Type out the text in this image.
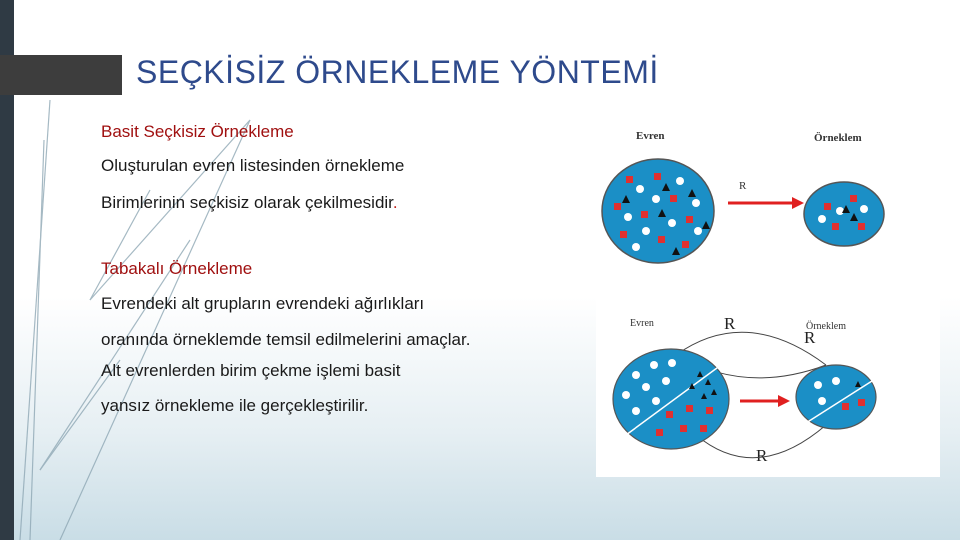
SEÇKİSİZ ÖRNEKLEME YÖNTEMİ
Basit Seçkisiz Örnekleme
Oluşturulan evren listesinden örnekleme
Birimlerinin seçkisiz olarak çekilmesidir.
Tabakalı Örnekleme
Evrendeki alt grupların evrendeki ağırlıkları
oranında örneklemde temsil edilmelerini amaçlar.
Alt evrenlerden birim çekme işlemi basit
yansız örnekleme ile gerçekleştirilir.
Evren	Örneklem
R
Evren	Örneklem
R
R
R
